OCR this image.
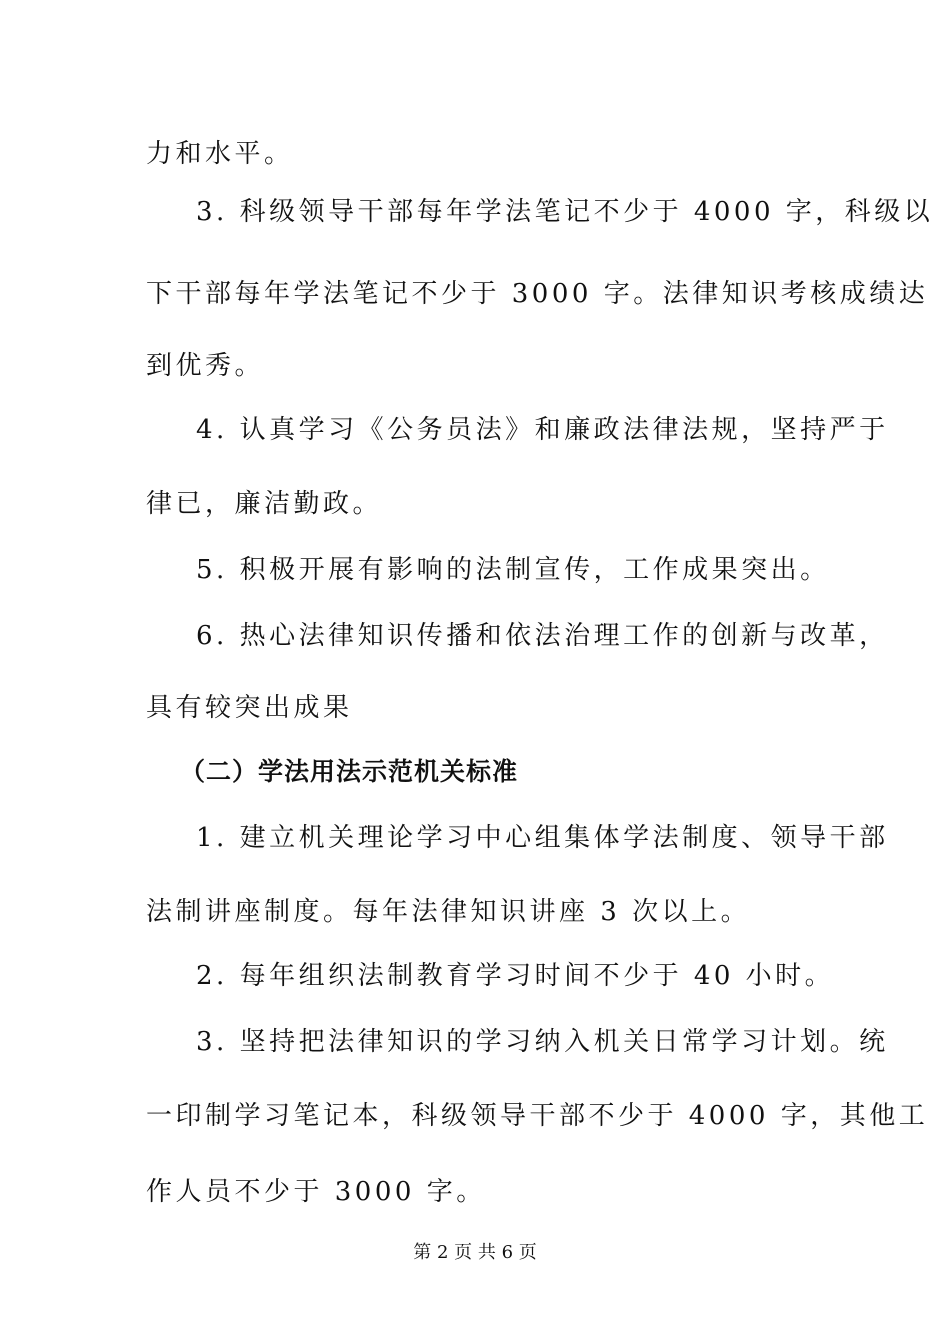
力和水平。
3. 科级领导干部每年学法笔记不少于 4000 字，科级以
下干部每年学法笔记不少于 3000 字。法律知识考核成绩达
到优秀。
4. 认真学习《公务员法》和廉政法律法规，坚持严于
律已，廉洁勤政。
5. 积极开展有影响的法制宣传，工作成果突出。
6. 热心法律知识传播和依法治理工作的创新与改革，
具有较突出成果
（二）学法用法示范机关标准
1. 建立机关理论学习中心组集体学法制度、领导干部
法制讲座制度。每年法律知识讲座 3 次以上。
2. 每年组织法制教育学习时间不少于 40 小时。
3. 坚持把法律知识的学习纳入机关日常学习计划。统
一印制学习笔记本，科级领导干部不少于 4000 字，其他工
作人员不少于 3000 字。
第 2 页 共 6 页
